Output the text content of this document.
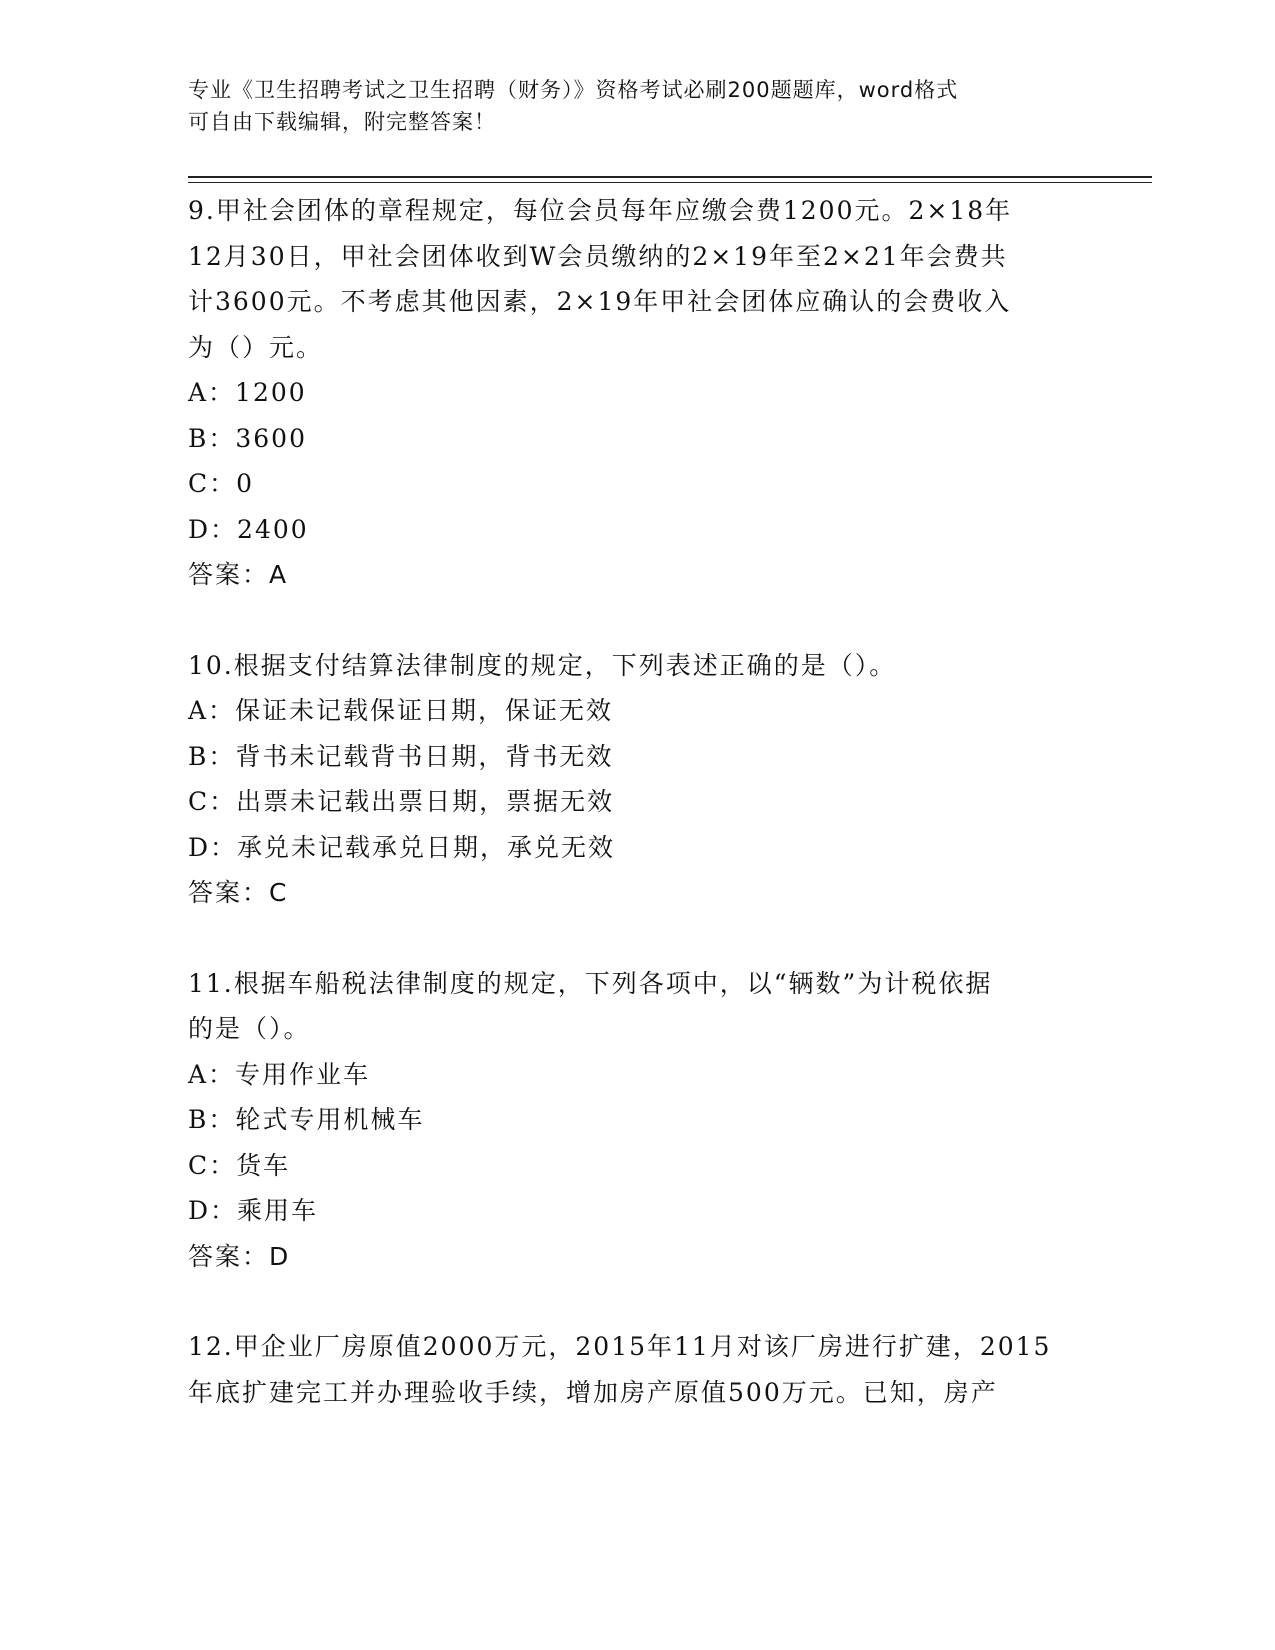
专业《卫生招聘考试之卫生招聘（财务）》资格考试必刷200题题库，word格式
可自由下载编辑，附完整答案！
9.甲社会团体的章程规定，每位会员每年应缴会费1200元。2×18年
12月30日，甲社会团体收到W会员缴纳的2×19年至2×21年会费共
计3600元。不考虑其他因素，2×19年甲社会团体应确认的会费收入
为（）元。
A：1200
B：3600
C：0
D：2400
答案：A
10.根据支付结算法律制度的规定，下列表述正确的是（）。
A：保证未记载保证日期，保证无效
B：背书未记载背书日期，背书无效
C：出票未记载出票日期，票据无效
D：承兑未记载承兑日期，承兑无效
答案：C
11.根据车船税法律制度的规定，下列各项中，以“辆数”为计税依据
的是（）。
A：专用作业车
B：轮式专用机械车
C：货车
D：乘用车
答案：D
12.甲企业厂房原值2000万元，2015年11月对该厂房进行扩建，2015
年底扩建完工并办理验收手续，增加房产原值500万元。已知，房产
